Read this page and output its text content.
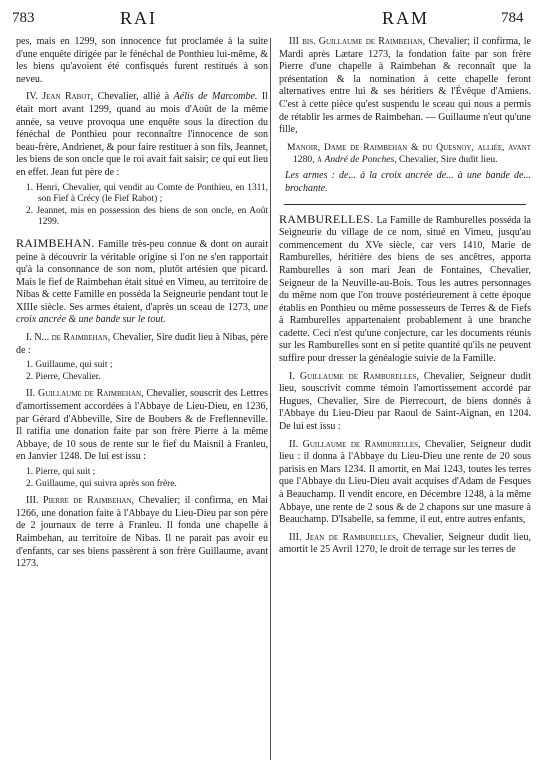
783	RAI	RAM	784

pes, mais en 1299, son innocence fut proclamée à la suite d'une enquête dirigée par le fénéchal de Ponthieu lui-même, & les biens qu'avoient été confisqués furent restitués à son neveu.

IV. Jean Rabot, Chevalier, allié à Aélis de Marcombe. Il était mort avant 1299, quand au mois d'Août de la même année, sa veuve provoqua une enquête sous la direction du fénéchal de Ponthieu pour reconnaître l'innocence de son beau-frère, Andrienet, & pour faire restituer à son fils, Jeannet, les biens de son oncle que le roi avait fait saisir; ce qui eut lieu en effet. Jean fut père de :

1. Henri, Chevalier, qui vendit au Comte de Ponthieu, en 1311, son Fief à Crécy (le Fief Rabot) ;
2. Jeannet, mis en possession des biens de son oncle, en Août 1299.

RAIMBEHAN. Famille très-peu connue & dont on aurait peine à découvrir la véritable origine si l'on ne s'en rapportait qu'à la consonnance de son nom, plutôt artésien que picard. Mais le fief de Raimbehan était situé en Vimeu, au territoire de Nibas & cette Famille en posséda la Seigneurie pendant tout le XIIIe siècle. Ses armes étaient, d'après un sceau de 1273, une croix ancrée & une bande sur le tout.

I. N... de Raimbehan, Chevalier, Sire dudit lieu à Nibas, père de :

1. Guillaume, qui suit ;
2. Pierre, Chevalier.

II. Guillaume de Raimbehan, Chevalier, souscrit des Lettres d'amortissement accordées à l'Abbaye de Lieu-Dieu, en 1236, par Gérard d'Abbeville, Sire de Boubers & de Freflenneville. Il ratifia une donation faite par son frère Pierre à la même Abbaye, de 10 sous de rente sur le fief du Maisnil à Franleu, en Janvier 1248. De lui est issu :

1. Pierre, qui suit ;
2. Guillaume, qui suivra après son frère.

III. Pierre de Raimbehan, Chevalier; il confirma, en Mai 1266, une donation faite à l'Abbaye du Lieu-Dieu par son père de 2 journaux de terre à Franleu. Il fonda une chapelle à Raimbehan, au territoire de Nibas. Il ne parait pas avoir eu d'enfants, car ses biens passèrent à son frère Guillaume, avant 1273.

III bis. Guillaume de Raimbehan, Chevalier; il confirma, le Mardi après Lætare 1273, la fondation faite par son frère Pierre d'une chapelle à Raimbehan & reconnaît que la présentation & la nomination à cette chapelle feront alternatives entre lui & ses héritiers & l'Évêque d'Amiens. C'est à cette pièce qu'est suspendu le sceau qui nous a permis de rétablir les armes de Raimbehan. — Guillaume n'eut qu'une fille,

Manoir, Dame de Raimbehan & du Quesnoy, alliée, avant 1280, à André de Ponches, Chevalier, Sire dudit lieu.

Les armes : de... à la croix ancrée de... à une bande de... brochante.

RAMBURELLES. La Famille de Ramburelles posséda la Seigneurie du village de ce nom, situé en Vimeu, jusqu'au commencement du XVe siècle, car vers 1410, Marie de Ramburelles, héritière des biens de ses ancêtres, apporta Ramburelles à son mari Jean de Fontaines, Chevalier, Seigneur de la Neuville-au-Bois. Tous les autres personnages du même nom que l'on trouve postérieurement à cette époque établis en Ponthieu ou même possesseurs de Terres & de Fiefs à Ramburelles appartenaient probablement à une branche cadette. Ceci n'est qu'une conjecture, car les documents réunis sur les Ramburelles sont en si petite quantité qu'ils ne peuvent suffire pour dresser la généalogie suivie de la Famille.

I. Guillaume de Ramburelles, Chevalier, Seigneur dudit lieu, souscrivit comme témoin l'amortissement accordé par Hugues, Chevalier, Sire de Pierrecourt, de biens donnés à l'Abbaye du Lieu-Dieu par Raoul de Saint-Aignan, en 1204. De lui est issu :

II. Guillaume de Ramburelles, Chevalier, Seigneur dudit lieu : il donna à l'Abbaye du Lieu-Dieu une rente de 20 sous parisis en Mars 1234. Il amortit, en Mai 1243, toutes les terres que l'Abbaye du Lieu-Dieu avait acquises d'Adam de Fesques à Beauchamp. Il vendit encore, en Décembre 1248, à la même Abbaye, une rente de 2 sous & de 2 chapons sur une masure à Beauchamp. D'Isabelle, sa femme, il eut, entre autres enfants,

III. Jean de Ramburelles, Chevalier, Seigneur dudit lieu, amortit le 25 Avril 1270, le droit de terrage sur les terres de
